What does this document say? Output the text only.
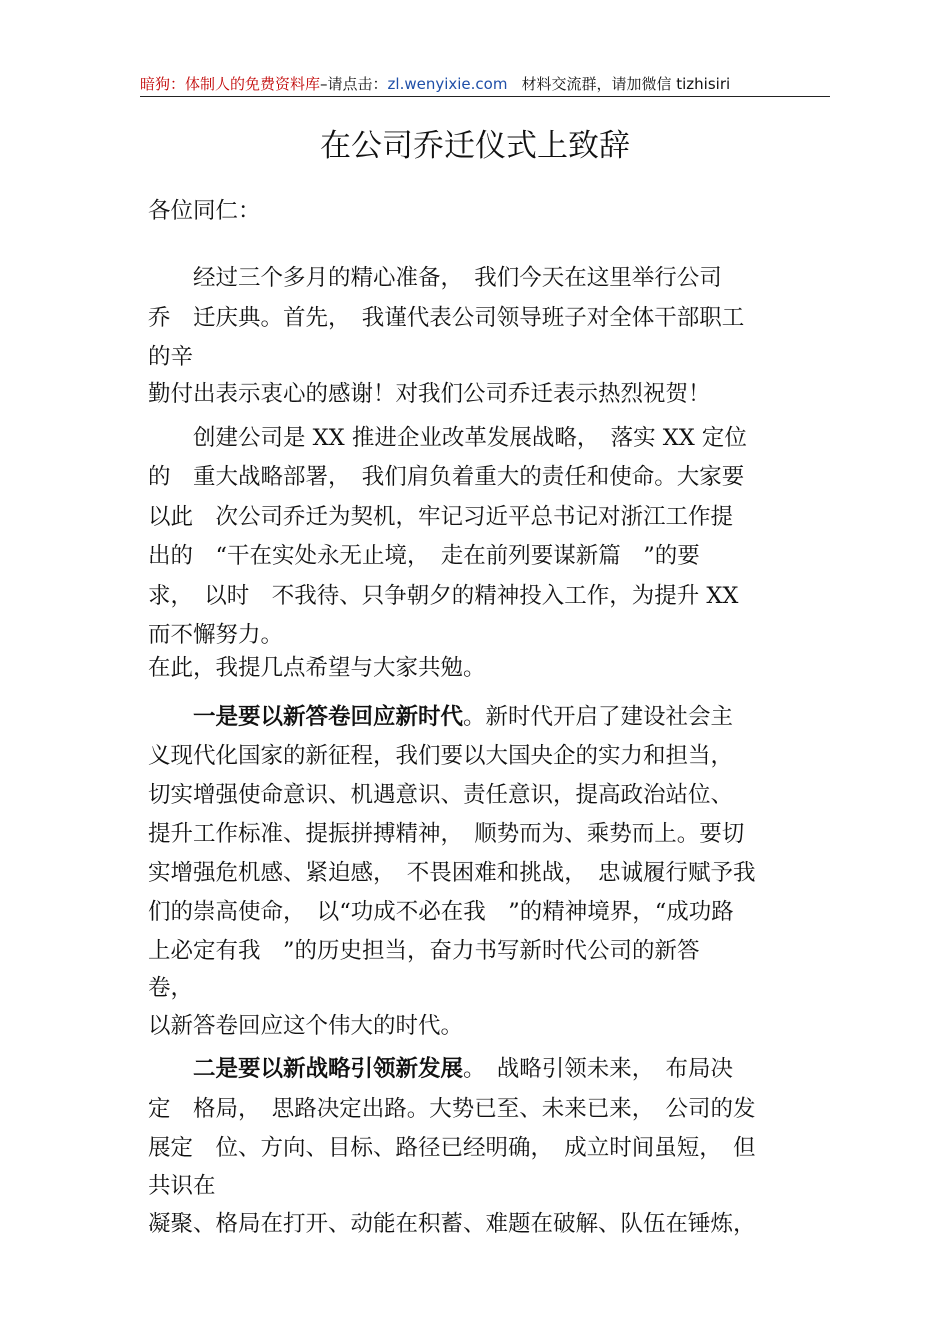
暗狗：体制人的免费资料库–请点击：zl.wenyixie.com 材料交流群，请加微信 tizhisiri
在公司乔迁仪式上致辞
各位同仁：
　　经过三个多月的精心准备，　我们今天在这里举行公司
乔　迁庆典。首先，　我谨代表公司领导班子对全体干部职工
的辛
勤付出表示衷心的感谢！对我们公司乔迁表示热烈祝贺！
　　创建公司是 XX 推进企业改革发展战略，　落实 XX 定位
的　重大战略部署，　我们肩负着重大的责任和使命。大家要
以此　次公司乔迁为契机，牢记习近平总书记对浙江工作提
出的　“干在实处永无止境，　走在前列要谋新篇　”的要
求，　以时　不我待、只争朝夕的精神投入工作，为提升 XX
而不懈努力。
在此，我提几点希望与大家共勉。
　　一是要以新答卷回应新时代。新时代开启了建设社会主
义现代化国家的新征程，我们要以大国央企的实力和担当，
切实增强使命意识、机遇意识、责任意识，提高政治站位、
提升工作标准、提振拼搏精神，　顺势而为、乘势而上。要切
实增强危机感、紧迫感，　不畏困难和挑战，　忠诚履行赋予我
们的崇高使命，　以“功成不必在我　”的精神境界，“成功路
上必定有我　”的历史担当，奋力书写新时代公司的新答
卷，
以新答卷回应这个伟大的时代。
　　二是要以新战略引领新发展。　战略引领未来，　布局决
定　格局，　思路决定出路。大势已至、未来已来，　公司的发
展定　位、方向、目标、路径已经明确，　成立时间虽短，　但
共识在
凝聚、格局在打开、动能在积蓄、难题在破解、队伍在锤炼，
